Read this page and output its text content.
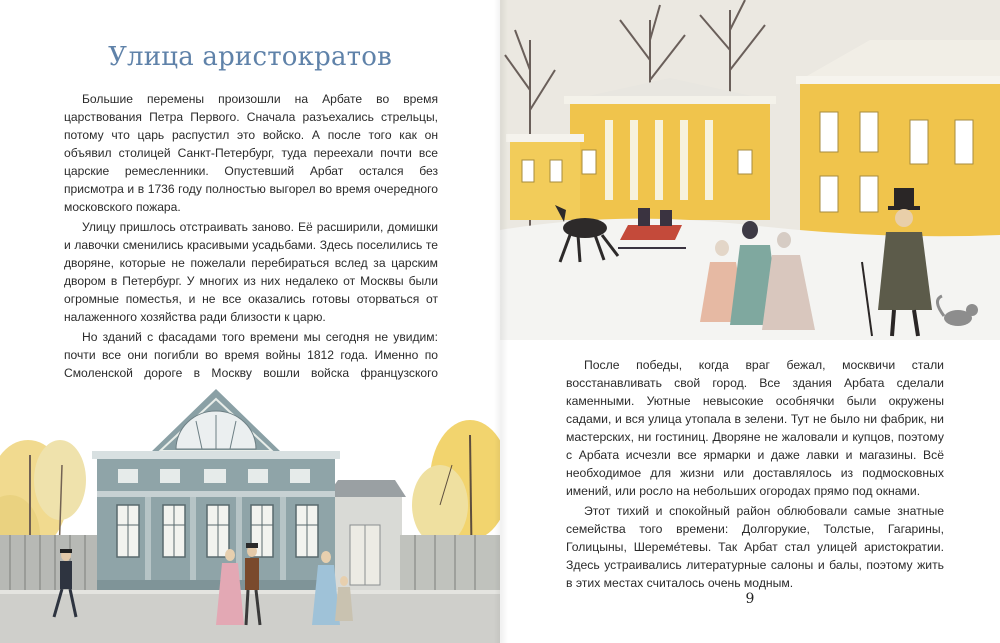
Улица аристократов

Большие перемены произошли на Арбате во время царствования Петра Первого. Сначала разъехались стрельцы, потому что царь распустил это войско. А после того как он объявил столицей Санкт-Петербург, туда переехали почти все царские ремесленники. Опустевший Арбат остался без присмотра и в 1736 году полностью выгорел во время очередного московского пожара.

Улицу пришлось отстраивать заново. Её расширили, домишки и лавочки сменились красивыми усадьбами. Здесь поселились те дворяне, которые не пожелали перебираться вслед за царским двором в Петербург. У многих из них недалеко от Москвы были огромные поместья, и не все оказались готовы оторваться от налаженного хозяйства ради близости к царю.

Но зданий с фасадами того времени мы сегодня не увидим: почти все они погибли во время войны 1812 года. Именно по Смоленской дороге в Москву вошли войска французского

После победы, когда враг бежал, москвичи стали восстанавливать свой город. Все здания Арбата сделали каменными. Уютные невысокие особнячки были окружены садами, и вся улица утопала в зелени. Тут не было ни фабрик, ни мастерских, ни гостиниц. Дворяне не жаловали и купцов, поэтому с Арбата исчезли все ярмарки и даже лавки и магазины. Всё необходимое для жизни или доставлялось из подмосковных имений, или росло на небольших огородах прямо под окнами.

Этот тихий и спокойный район облюбовали самые знатные семейства того времени: Долгорукие, Толстые, Гагарины, Голицыны, Шереме́тевы. Так Арбат стал улицей аристократии. Здесь устраивались литературные салоны и балы, поэтому жить в этих местах считалось очень модным.

9
